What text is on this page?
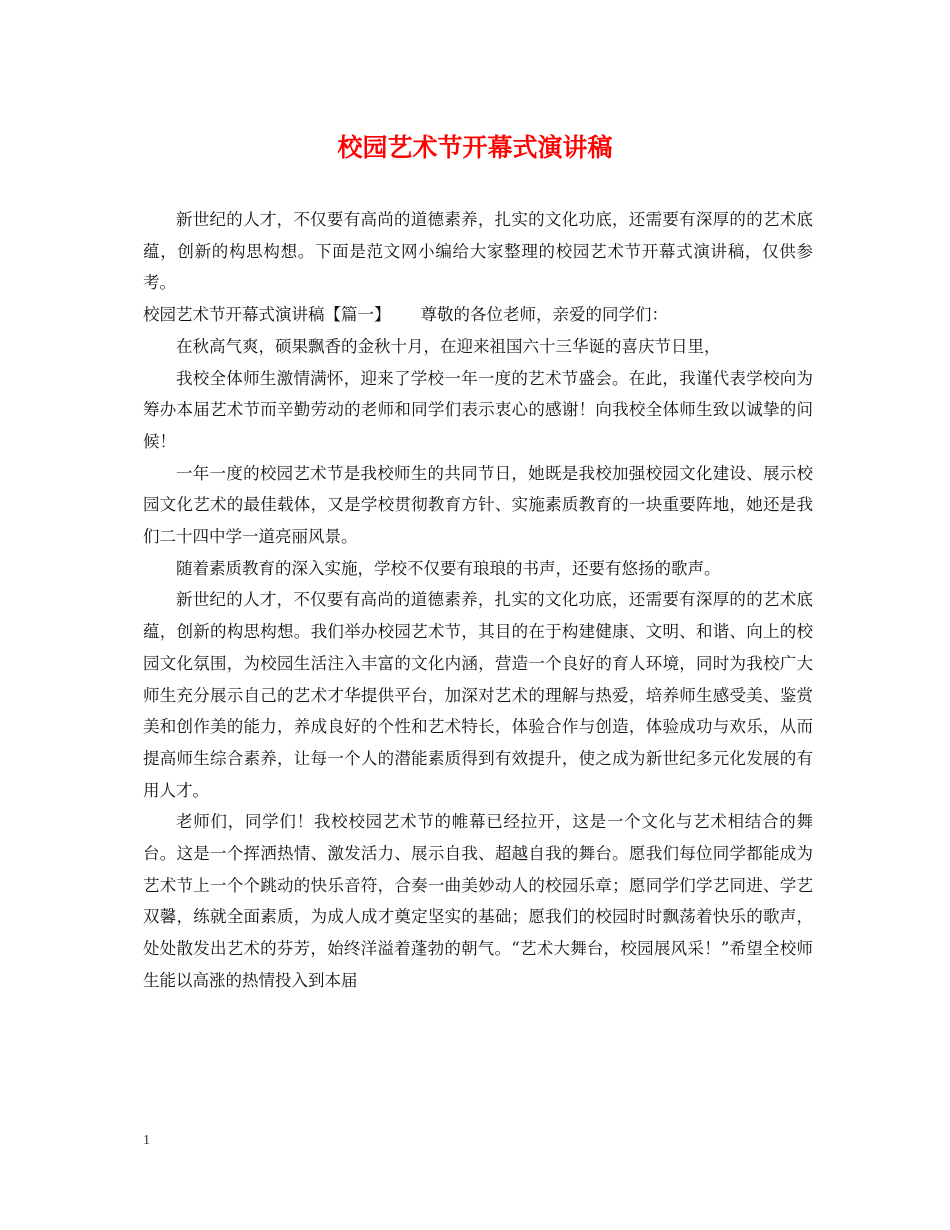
校园艺术节开幕式演讲稿

新世纪的人才，不仅要有高尚的道德素养，扎实的文化功底，还需要有深厚的的艺术底蕴，创新的构思构想。下面是范文网小编给大家整理的校园艺术节开幕式演讲稿，仅供参考。

校园艺术节开幕式演讲稿【篇一】 尊敬的各位老师，亲爱的同学们：

在秋高气爽，硕果飘香的金秋十月，在迎来祖国六十三华诞的喜庆节日里，

我校全体师生激情满怀，迎来了学校一年一度的艺术节盛会。在此，我谨代表学校向为筹办本届艺术节而辛勤劳动的老师和同学们表示衷心的感谢！向我校全体师生致以诚挚的问候！

一年一度的校园艺术节是我校师生的共同节日，她既是我校加强校园文化建设、展示校园文化艺术的最佳载体，又是学校贯彻教育方针、实施素质教育的一块重要阵地，她还是我们二十四中学一道亮丽风景。

随着素质教育的深入实施，学校不仅要有琅琅的书声，还要有悠扬的歌声。

新世纪的人才，不仅要有高尚的道德素养，扎实的文化功底，还需要有深厚的的艺术底蕴，创新的构思构想。我们举办校园艺术节，其目的在于构建健康、文明、和谐、向上的校园文化氛围，为校园生活注入丰富的文化内涵，营造一个良好的育人环境，同时为我校广大师生充分展示自己的艺术才华提供平台，加深对艺术的理解与热爱，培养师生感受美、鉴赏美和创作美的能力，养成良好的个性和艺术特长，体验合作与创造，体验成功与欢乐，从而提高师生综合素养，让每一个人的潜能素质得到有效提升，使之成为新世纪多元化发展的有用人才。

老师们，同学们！我校校园艺术节的帷幕已经拉开，这是一个文化与艺术相结合的舞台。这是一个挥洒热情、激发活力、展示自我、超越自我的舞台。愿我们每位同学都能成为艺术节上一个个跳动的快乐音符，合奏一曲美妙动人的校园乐章；愿同学们学艺同进、学艺双馨，练就全面素质，为成人成才奠定坚实的基础；愿我们的校园时时飘荡着快乐的歌声，处处散发出艺术的芬芳，始终洋溢着蓬勃的朝气。“艺术大舞台，校园展风采！”希望全校师生能以高涨的热情投入到本届

1
